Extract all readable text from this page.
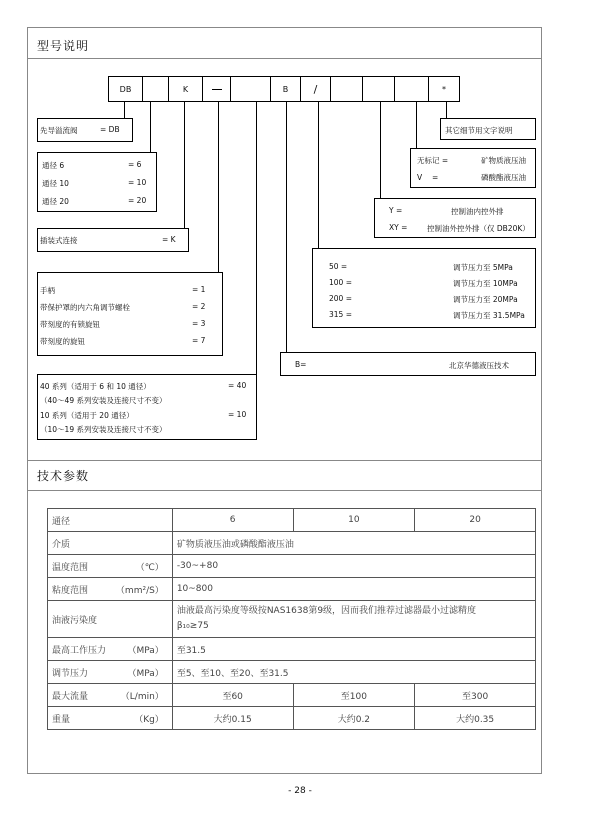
型号说明
DB	K	B	/	*
先导溢流阀	= DB
通径 6	= 6
通径 10	= 10
通径 20	= 20
插装式连接	= K
手柄	= 1
带保护罩的内六角调节螺栓	= 2
带刻度的有锁旋钮	= 3
带刻度的旋钮	= 7
40 系列（适用于 6 和 10 通径）	= 40
（40～49 系列安装及连接尺寸不变）
10 系列（适用于 20 通径）	= 10
（10～19 系列安装及连接尺寸不变）
其它细节用文字说明
无标记 =	矿物质液压油
V　 =	磷酸酯液压油
Y =	控制油内控外排
XY =	控制油外控外排（仅 DB20K）
50 =	调节压力至 5MPa
100 =	调节压力至 10MPa
200 =	调节压力至 20MPa
315 =	调节压力至 31.5MPa
B=	北京华德液压技术
技术参数
通径	6	10	20
介质	矿物质液压油或磷酸酯液压油		
温度范围 （℃）	-30~+80		
粘度范围 （mm²/S）	10~800		
油液污染度	油液最高污染度等级按NAS1638第9级，因而我们推荐过滤器最小过滤精度
β₁₀≥75		

最高工作压力 （MPa）	至31.5		
调节压力 （MPa）	至5、至10、至20、至31.5		
最大流量 （L/min）	至60	至100	至300
重量 （Kg）	大约0.15	大约0.2	大约0.35
- 28 -
